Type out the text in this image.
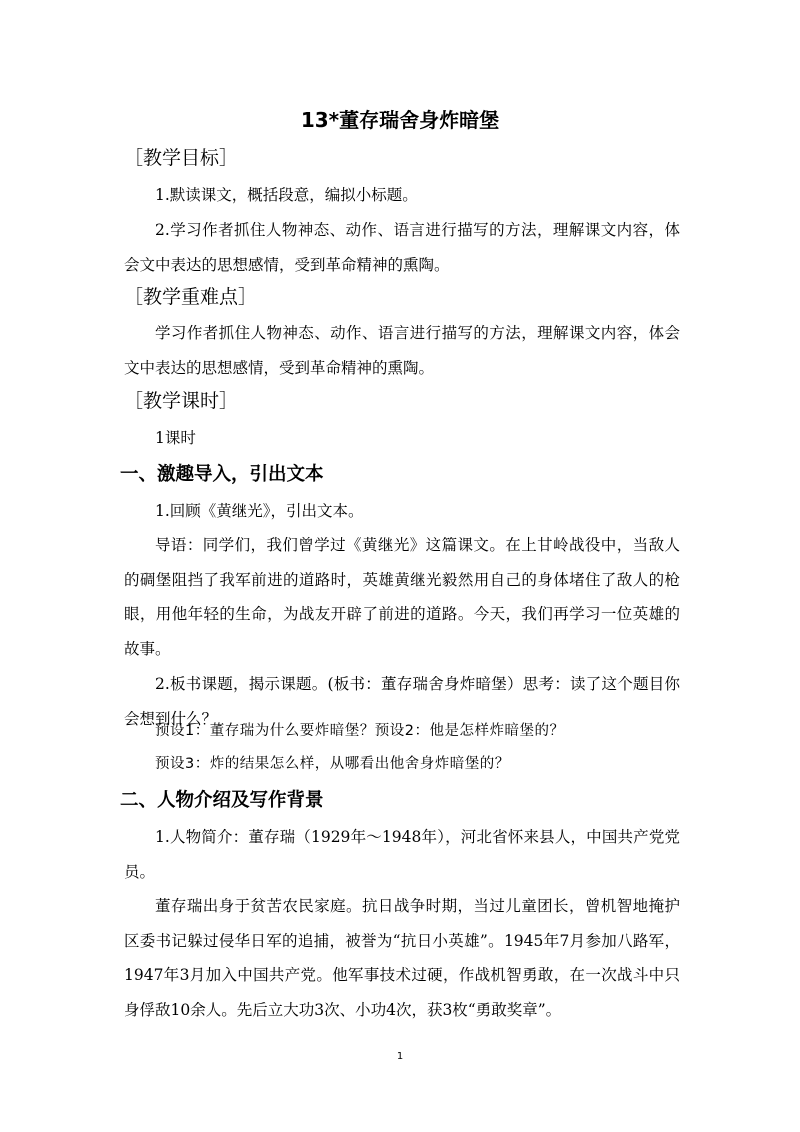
13*董存瑞舍身炸暗堡
［教学目标］

1.默读课文，概括段意，编拟小标题。

2.学习作者抓住人物神态、动作、语言进行描写的方法，理解课文内容，体会文中表达的思想感情，受到革命精神的熏陶。

［教学重难点］

学习作者抓住人物神态、动作、语言进行描写的方法，理解课文内容，体会文中表达的思想感情，受到革命精神的熏陶。

［教学课时］

1课时

一、激趣导入，引出文本

1.回顾《黄继光》，引出文本。

导语：同学们，我们曾学过《黄继光》这篇课文。在上甘岭战役中，当敌人的碉堡阻挡了我军前进的道路时，英雄黄继光毅然用自己的身体堵住了敌人的枪眼，用他年轻的生命，为战友开辟了前进的道路。今天，我们再学习一位英雄的故事。

2.板书课题，揭示课题。(板书：董存瑞舍身炸暗堡）思考：读了这个题目你会想到什么？

预设1：董存瑞为什么要炸暗堡？预设2：他是怎样炸暗堡的？

预设3：炸的结果怎么样，从哪看出他舍身炸暗堡的？

二、人物介绍及写作背景

1.人物简介：董存瑞（1929年～1948年），河北省怀来县人，中国共产党党员。

董存瑞出身于贫苦农民家庭。抗日战争时期，当过儿童团长，曾机智地掩护区委书记躲过侵华日军的追捕，被誉为“抗日小英雄”。1945年7月参加八路军，1947年3月加入中国共产党。他军事技术过硬，作战机智勇敢，在一次战斗中只身俘敌10余人。先后立大功3次、小功4次，获3枚“勇敢奖章”。

1
